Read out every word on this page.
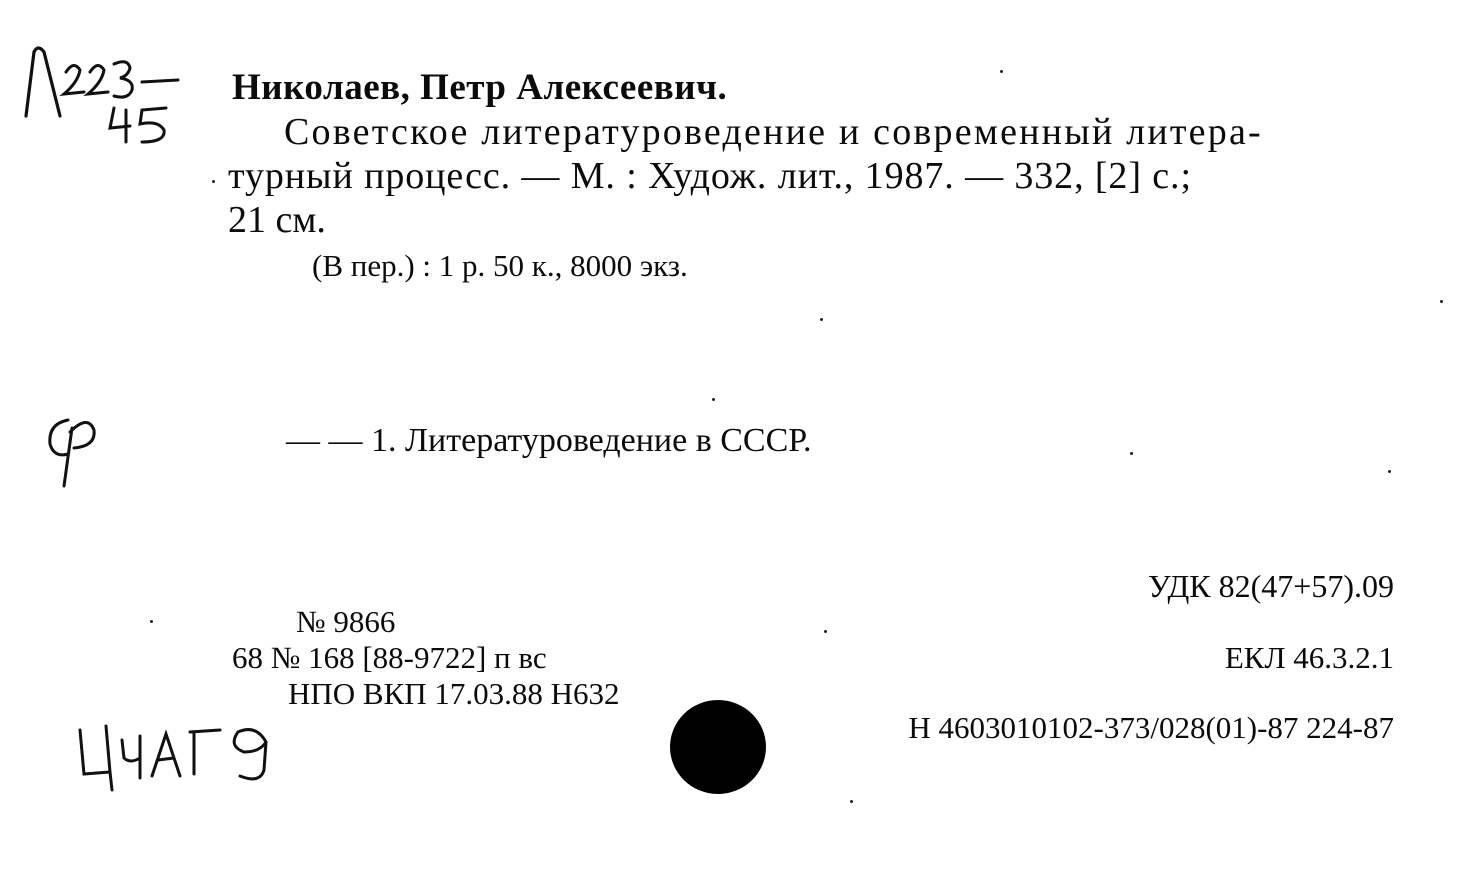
Николаев, Петр Алексеевич.
Советское литературоведение и современный литера-
турный процесс. — М. : Худож. лит., 1987. — 332, [2] с.;
21 см.
(В пер.) : 1 р. 50 к., 8000 экз.
— — 1. Литературоведение в СССР.
УДК 82(47+57).09
№ 9866
68 № 168 [88-9722] п вс
НПО ВКП 17.03.88 Н632
ЕКЛ 46.3.2.1
Н 4603010102-373/028(01)-87 224-87
